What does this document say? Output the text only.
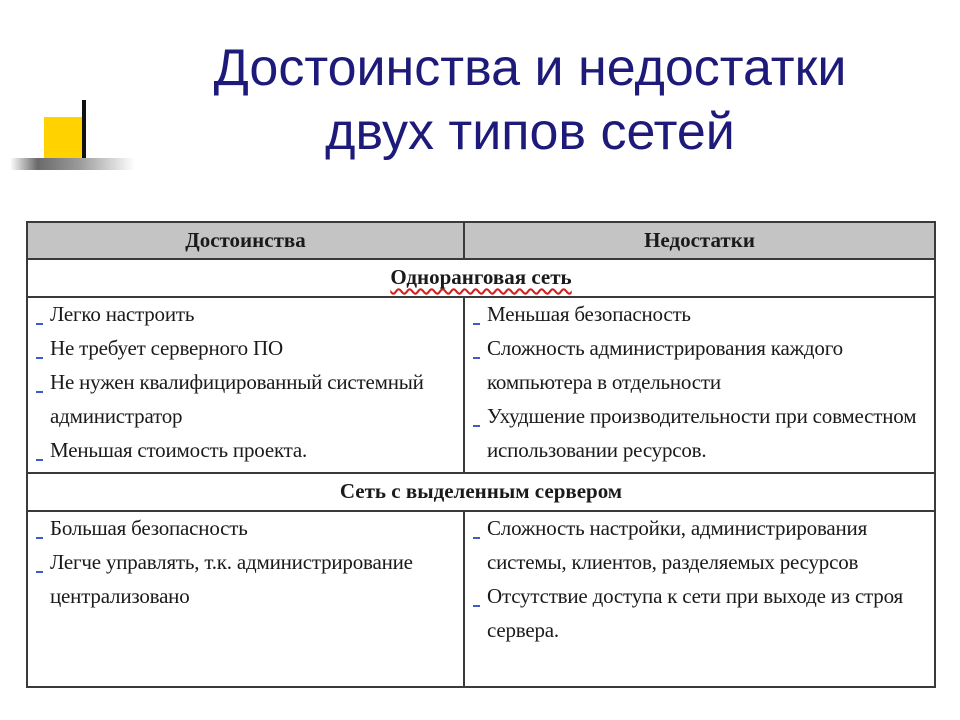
Достоинства и недостатки
двух типов сетей
Достоинства	Недостатки
Одноранговая сеть
Легко настроить
Не требует серверного ПО
Не нужен квалифицированный системный администратор
Меньшая стоимость проекта.
Меньшая безопасность
Сложность администрирования каждого компьютера в отдельности
Ухудшение производительности при совместном использовании ресурсов.
Сеть с выделенным сервером
Большая безопасность
Легче управлять, т.к. администрирование централизовано
Сложность настройки, администрирования системы, клиентов, разделяемых ресурсов
Отсутствие доступа к сети при выходе из строя сервера.
